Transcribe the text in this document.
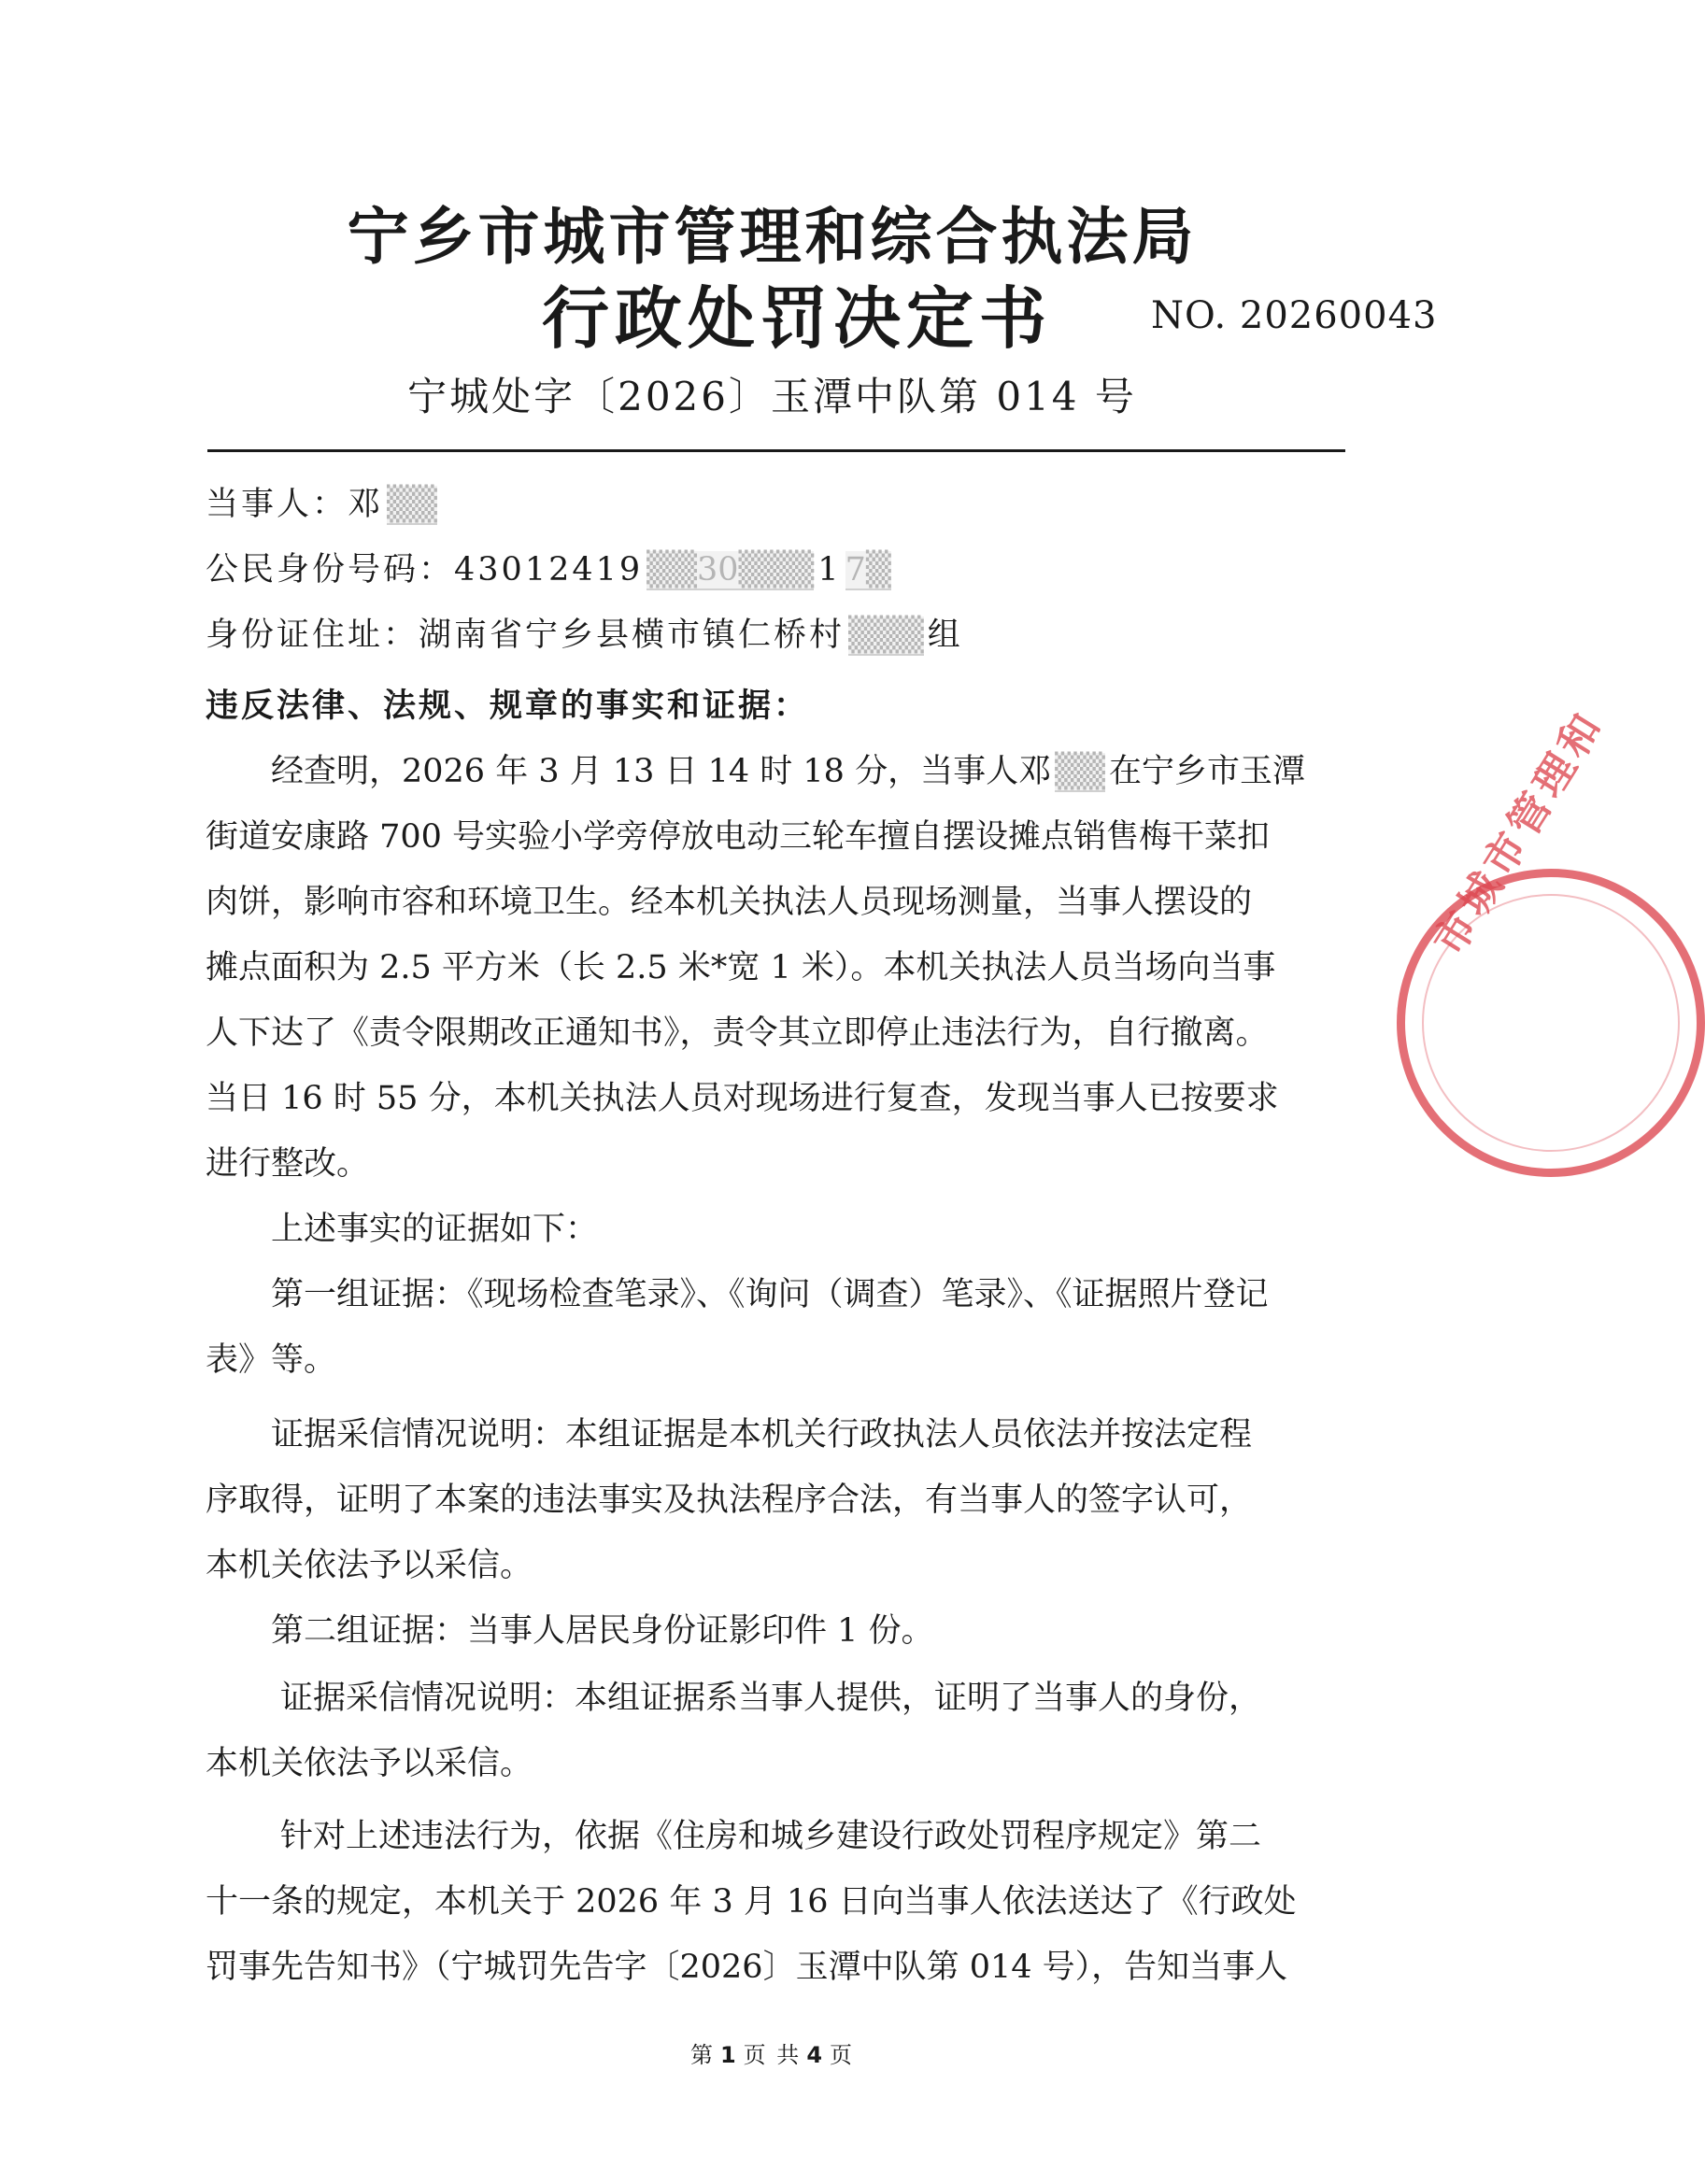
宁乡市城市管理和综合执法局
行政处罚决定书	NO. 20260043
宁城处字〔2026〕玉潭中队第 014 号
当事人：邓 ▒▒
公民身份号码：43012419 ▒▒30▒▒▒ 1 7▒
身份证住址：湖南省宁乡县横市镇仁桥村 ▒▒▒ 组
违反法律、法规、规章的事实和证据：
经查明，2026 年 3 月 13 日 14 时 18 分，当事人邓 ▒▒ 在宁乡市玉潭
街道安康路 700 号实验小学旁停放电动三轮车擅自摆设摊点销售梅干菜扣
肉饼，影响市容和环境卫生。经本机关执法人员现场测量，当事人摆设的
摊点面积为 2.5 平方米（长 2.5 米*宽 1 米）。本机关执法人员当场向当事
人下达了《责令限期改正通知书》，责令其立即停止违法行为，自行撤离。
当日 16 时 55 分，本机关执法人员对现场进行复查，发现当事人已按要求
进行整改。
上述事实的证据如下：
第一组证据：《现场检查笔录》、《询问（调查）笔录》、《证据照片登记
表》等。
证据采信情况说明：本组证据是本机关行政执法人员依法并按法定程
序取得，证明了本案的违法事实及执法程序合法，有当事人的签字认可，
本机关依法予以采信。
第二组证据：当事人居民身份证影印件 1 份。
证据采信情况说明：本组证据系当事人提供，证明了当事人的身份，
本机关依法予以采信。
针对上述违法行为，依据《住房和城乡建设行政处罚程序规定》第二
十一条的规定，本机关于 2026 年 3 月 16 日向当事人依法送达了《行政处
罚事先告知书》（宁城罚先告字〔2026〕玉潭中队第 014 号），告知当事人
第 1 页 共 4 页
市城市管理和
